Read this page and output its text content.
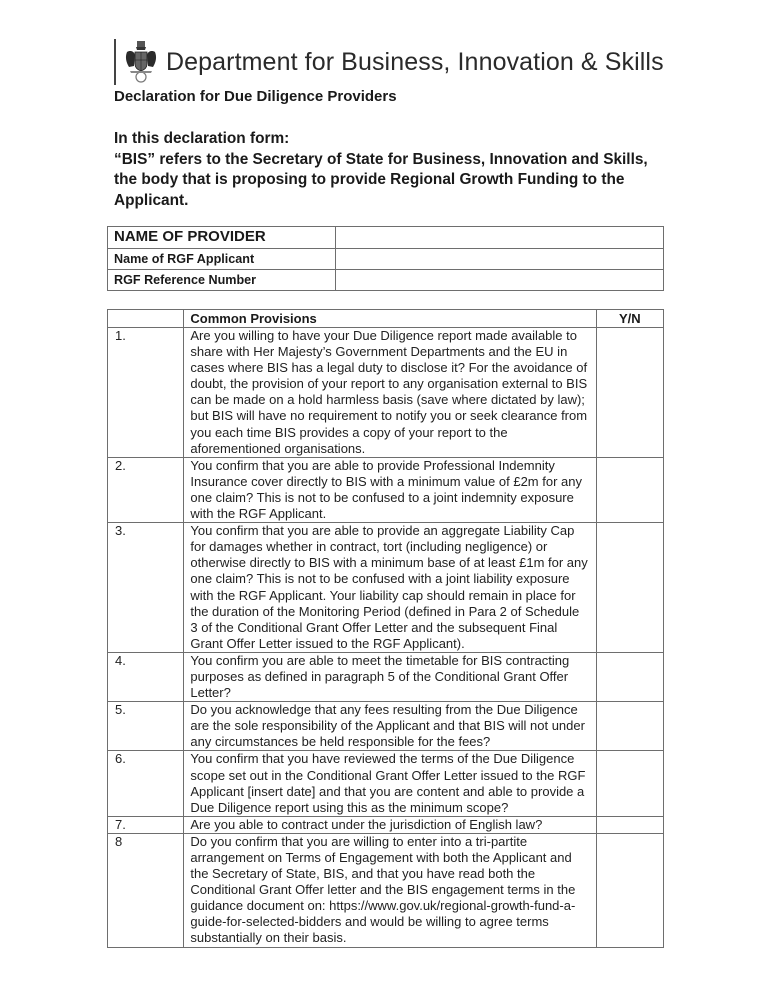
Department for Business, Innovation & Skills
Declaration for Due Diligence Providers
In this declaration form:
“BIS” refers to the Secretary of State for Business, Innovation and Skills, the body that is proposing to provide Regional Growth Funding to the Applicant.
NAME OF PROVIDER	
Name of RGF Applicant	
RGF Reference Number	
	Common Provisions	Y/N
1.	Are you willing to have your Due Diligence report made available to share with Her Majesty’s Government Departments and the EU in cases where BIS has a legal duty to disclose it? For the avoidance of doubt, the provision of your report to any organisation external to BIS can be made on a hold harmless basis (save where dictated by law); but BIS will have no requirement to notify you or seek clearance from you each time BIS provides a copy of your report to the aforementioned organisations.	
2.	You confirm that you are able to provide Professional Indemnity Insurance cover directly to BIS with a minimum value of £2m for any one claim? This is not to be confused to a joint indemnity exposure with the RGF Applicant.	
3.	You confirm that you are able to provide an aggregate Liability Cap for damages whether in contract, tort (including negligence) or otherwise directly to BIS with a minimum base of at least £1m for any one claim? This is not to be confused with a joint liability exposure with the RGF Applicant. Your liability cap should remain in place for the duration of the Monitoring Period (defined in Para 2 of Schedule 3 of the Conditional Grant Offer Letter and the subsequent Final Grant Offer Letter issued to the RGF Applicant).	
4.	You confirm you are able to meet the timetable for BIS contracting purposes as defined in paragraph 5 of the Conditional Grant Offer Letter?	
5.	Do you acknowledge that any fees resulting from the Due Diligence are the sole responsibility of the Applicant and that BIS will not under any circumstances be held responsible for the fees?	
6.	You confirm that you have reviewed the terms of the Due Diligence scope set out in the Conditional Grant Offer Letter issued to the RGF Applicant [insert date] and that you are content and able to provide a Due Diligence report using this as the minimum scope?	
7.	Are you able to contract under the jurisdiction of English law?	
8	Do you confirm that you are willing to enter into a tri-partite arrangement on Terms of Engagement with both the Applicant and the Secretary of State, BIS, and that you have read both the Conditional Grant Offer letter and the BIS engagement terms in the guidance document on: https://www.gov.uk/regional-growth-fund-a-guide-for-selected-bidders and would be willing to agree terms substantially on their basis.	
